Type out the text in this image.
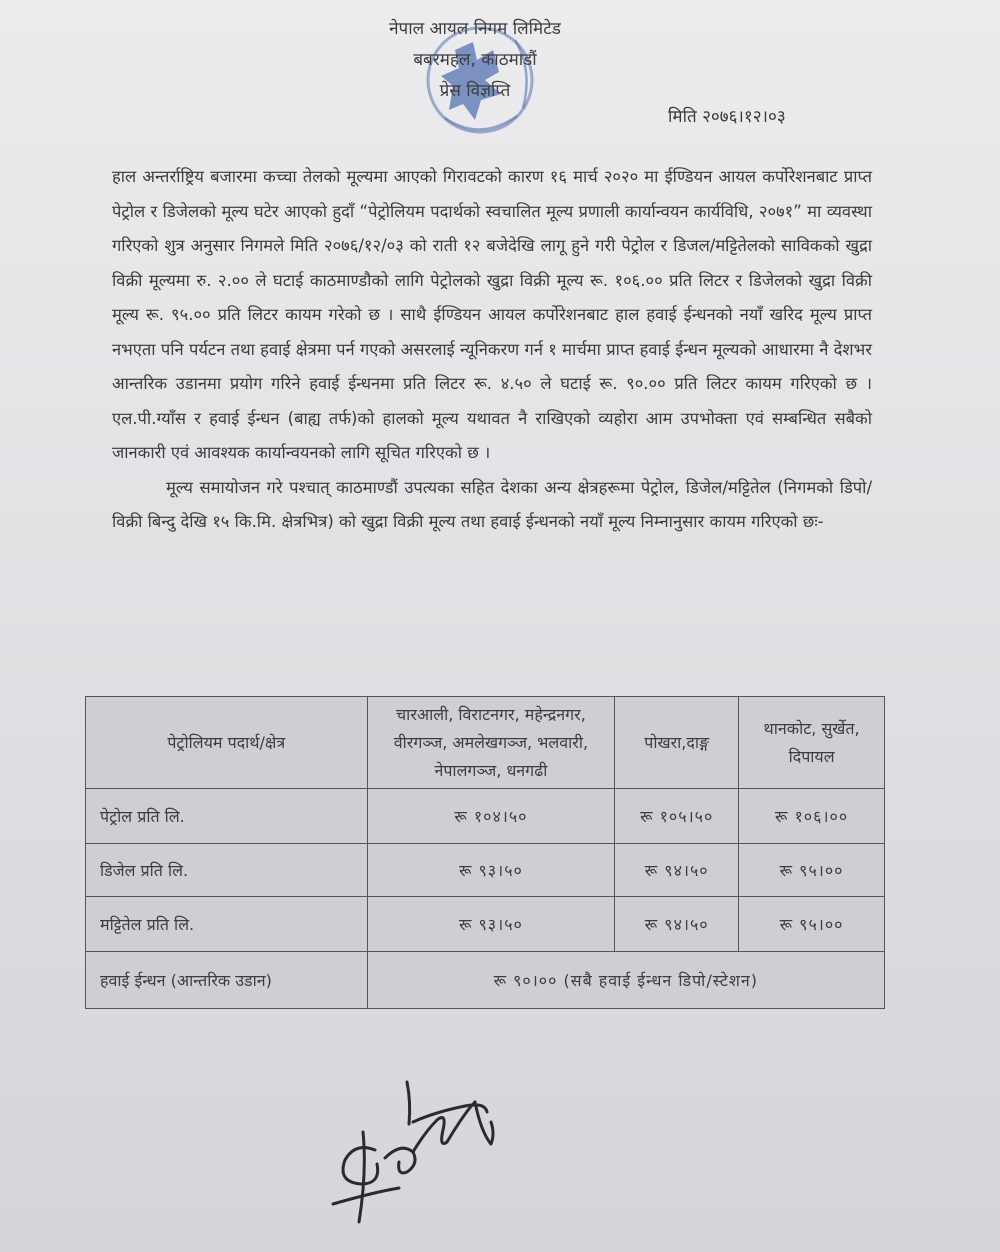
नेपाल आयल निगम लिमिटेड
बबरमहल, काठमाडौं
प्रेस विज्ञप्ति
मिति २०७६।१२।०३

हाल अन्तर्राष्ट्रिय बजारमा कच्चा तेलको मूल्यमा आएको गिरावटको कारण १६ मार्च २०२० मा ईण्डियन आयल कर्पोरेशनबाट प्राप्त पेट्रोल र डिजेलको मूल्य घटेर आएको हुदाँ “पेट्रोलियम पदार्थको स्वचालित मूल्य प्रणाली कार्यान्वयन कार्यविधि, २०७१” मा व्यवस्था गरिएको शुत्र अनुसार निगमले मिति २०७६/१२/०३ को राती १२ बजेदेखि लागू हुने गरी पेट्रोल र डिजल/मट्टितेलको साविकको खुद्रा विक्री मूल्यमा रु. २.०० ले घटाई काठमाण्डौको लागि पेट्रोलको खुद्रा विक्री मूल्य रू. १०६.०० प्रति लिटर र डिजेलको खुद्रा विक्री मूल्य रू. ९५.०० प्रति लिटर कायम गरेको छ । साथै ईण्डियन आयल कर्पोरेशनबाट हाल हवाई ईन्धनको नयाँ खरिद मूल्य प्राप्त नभएता पनि पर्यटन तथा हवाई क्षेत्रमा पर्न गएको असरलाई न्यूनिकरण गर्न १ मार्चमा प्राप्त हवाई ईन्धन मूल्यको आधारमा नै देशभर आन्तरिक उडानमा प्रयोग गरिने हवाई ईन्धनमा प्रति लिटर रू. ४.५० ले घटाई रू. ९०.०० प्रति लिटर कायम गरिएको छ । एल.पी.ग्याँस र हवाई ईन्धन (बाह्य तर्फ)को हालको मूल्य यथावत नै राखिएको व्यहोरा आम उपभोक्ता एवं सम्बन्धित सबैको जानकारी एवं आवश्यक कार्यान्वयनको लागि सूचित गरिएको छ ।

मूल्य समायोजन गरे पश्चात् काठमाण्डौं उपत्यका सहित देशका अन्य क्षेत्रहरूमा पेट्रोल, डिजेल/मट्टितेल (निगमको डिपो/विक्री बिन्दु देखि १५ कि.मि. क्षेत्रभित्र) को खुद्रा विक्री मूल्य तथा हवाई ईन्धनको नयाँ मूल्य निम्नानुसार कायम गरिएको छः-

पेट्रोलियम पदार्थ/क्षेत्र	चारआली, विराटनगर, महेन्द्रनगर, वीरगञ्ज, अमलेखगञ्ज, भलवारी, नेपालगञ्ज, धनगढी	पोखरा,दाङ्ग	थानकोट, सुर्खेत, दिपायल
पेट्रोल प्रति लि.	रू १०४।५०	रू १०५।५०	रू १०६।००
डिजेल प्रति लि.	रू ९३।५०	रू ९४।५०	रू ९५।००
मट्टितेल प्रति लि.	रू ९३।५०	रू ९४।५०	रू ९५।००
हवाई ईन्धन (आन्तरिक उडान)	रू ९०।०० (सबै हवाई ईन्धन डिपो/स्टेशन)		
